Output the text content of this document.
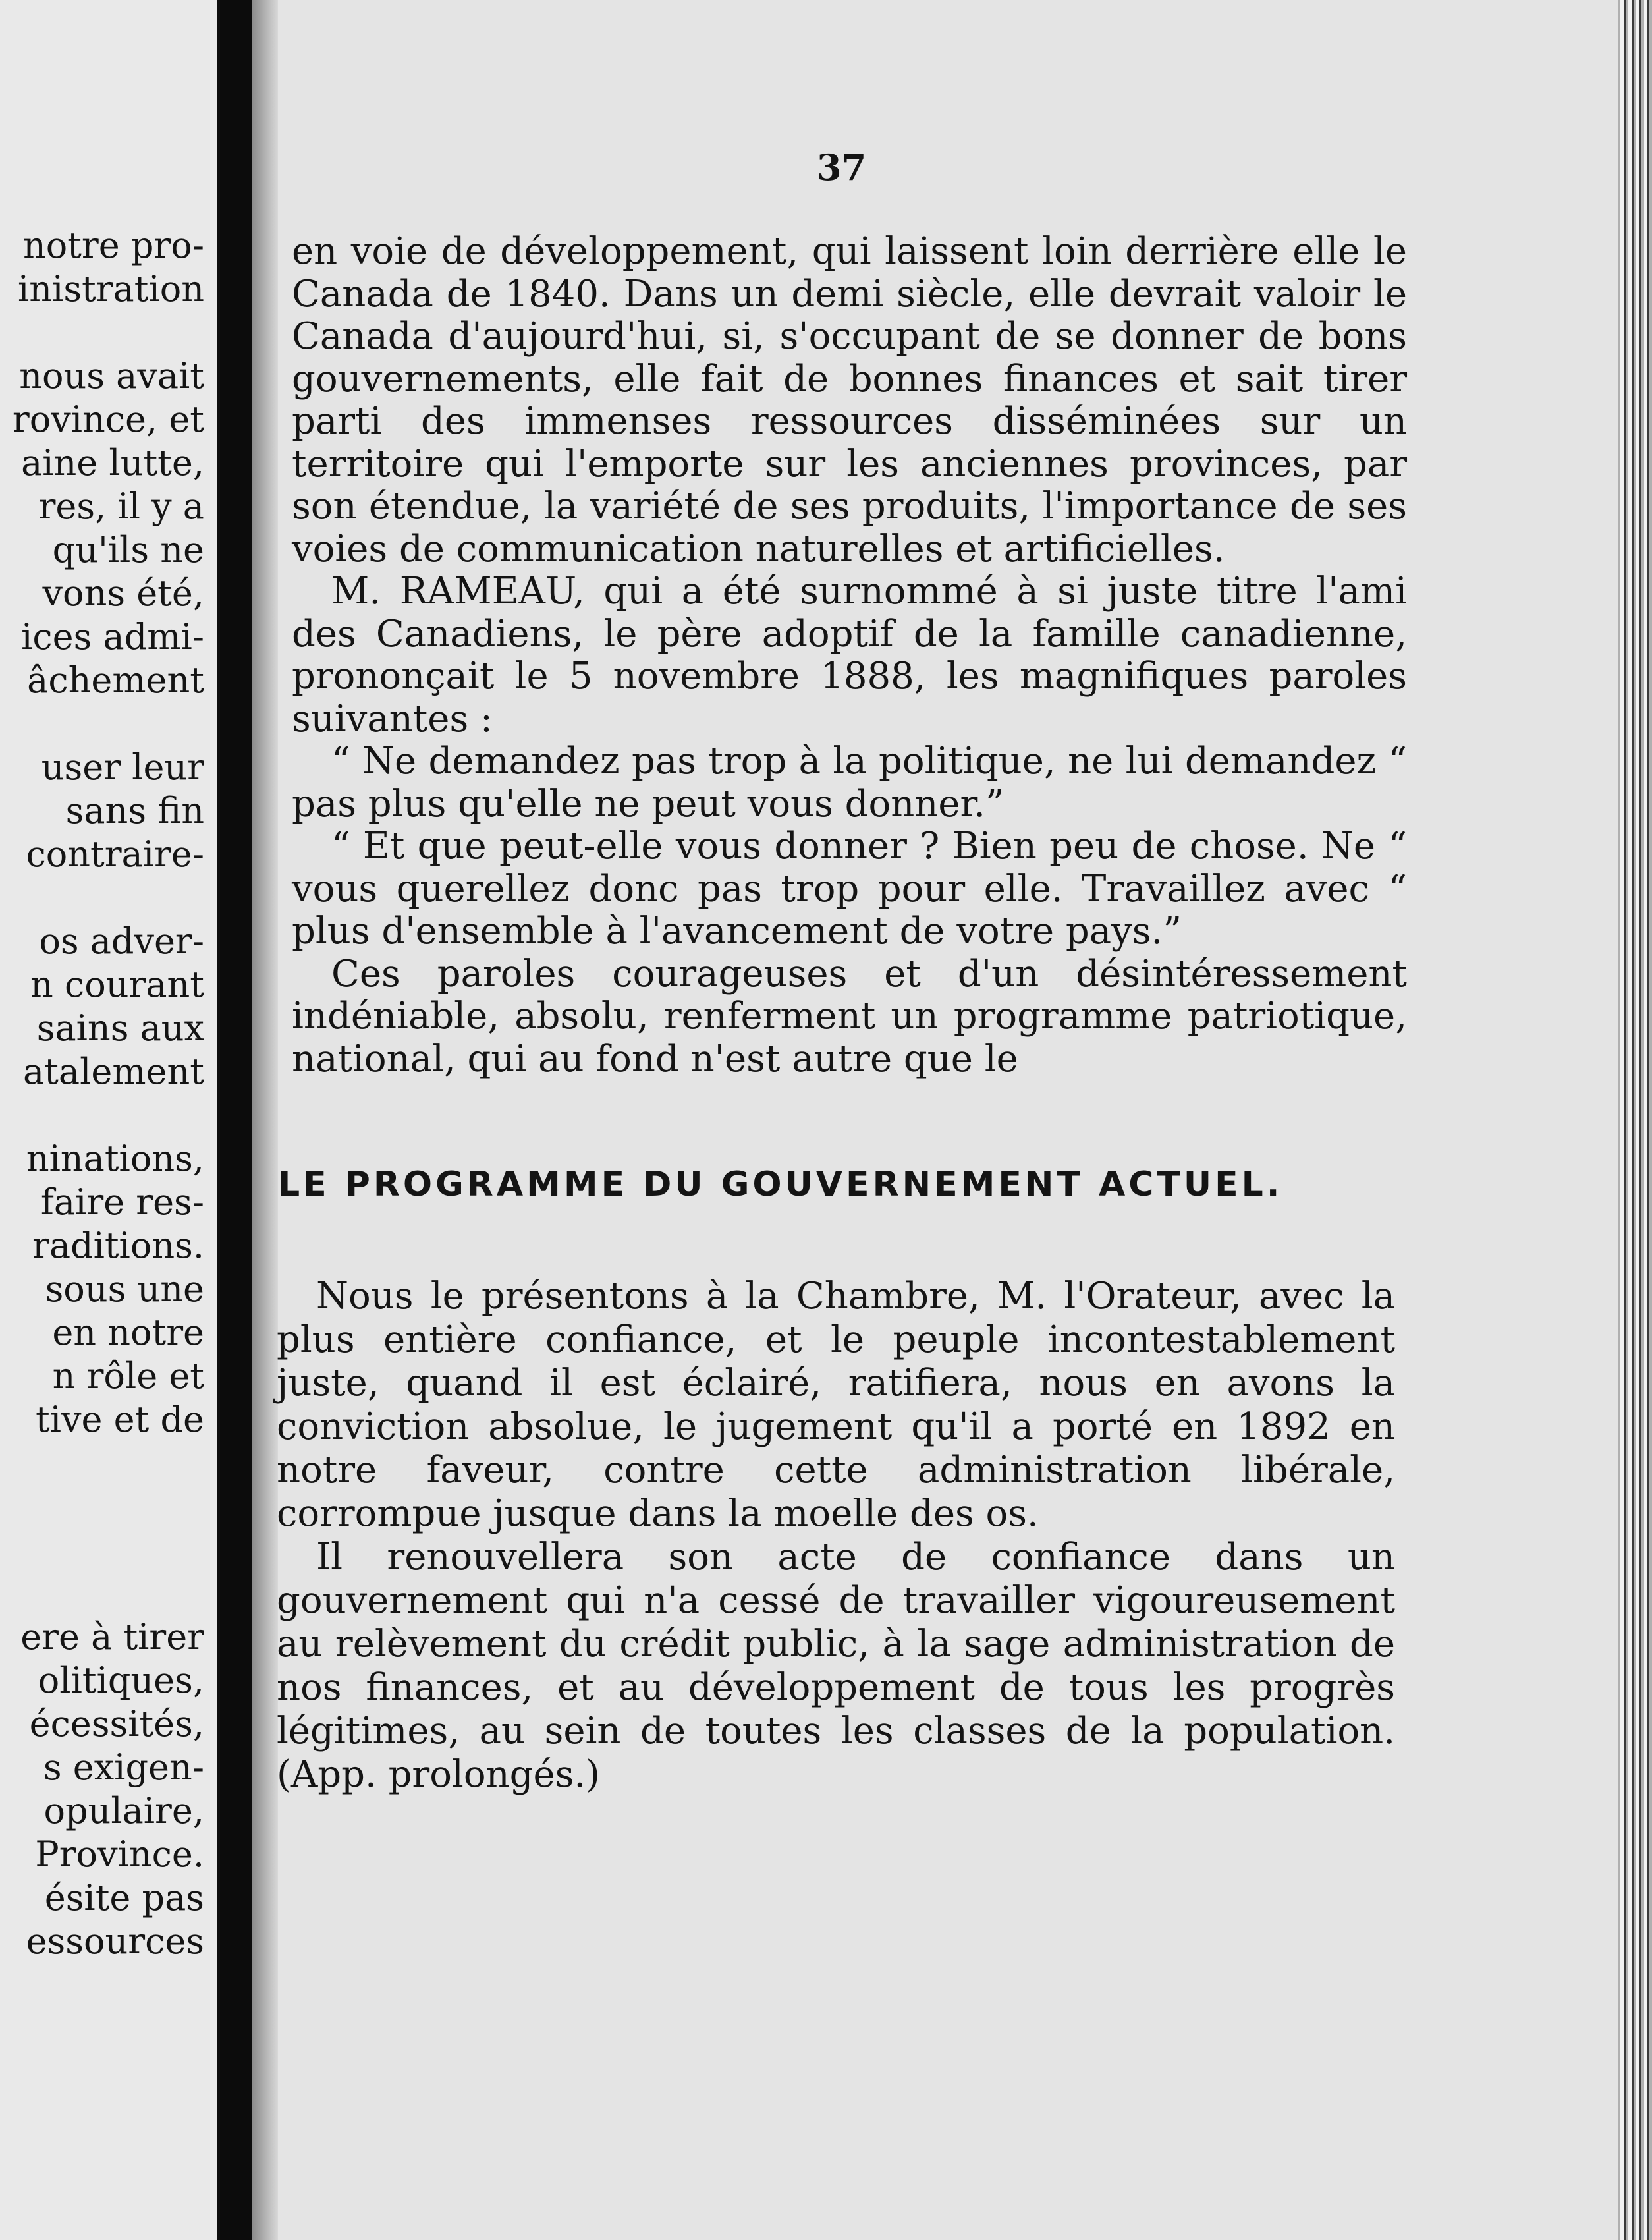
notre pro-
inistration
nous avait
rovince, et
aine lutte,
res, il y a
qu'ils ne
vons été,
ices admi-
âchement
user leur
sans fin
contraire-
os adver-
n courant
sains aux
atalement
ninations,
faire res-
raditions.
sous une
en notre
n rôle et
tive et de
ere à tirer
olitiques,
écessités,
s exigen-
opulaire,
Province.
ésite pas
essources
37

en voie de développement, qui laissent loin derrière elle le Canada de 1840. Dans un demi siècle, elle devrait valoir le Canada d'aujourd'hui, si, s'occupant de se donner de bons gouvernements, elle fait de bonnes finances et sait tirer parti des immenses ressources disséminées sur un territoire qui l'emporte sur les anciennes provinces, par son étendue, la variété de ses produits, l'importance de ses voies de communication naturelles et artificielles.

M. RAMEAU, qui a été surnommé à si juste titre l'ami des Canadiens, le père adoptif de la famille canadienne, prononçait le 5 novembre 1888, les magnifiques paroles suivantes :

“ Ne demandez pas trop à la politique, ne lui demandez “ pas plus qu'elle ne peut vous donner.”

“ Et que peut-elle vous donner ? Bien peu de chose. Ne “ vous querellez donc pas trop pour elle. Travaillez avec “ plus d'ensemble à l'avancement de votre pays.”

Ces paroles courageuses et d'un désintéressement indéniable, absolu, renferment un programme patriotique, national, qui au fond n'est autre que le

LE PROGRAMME DU GOUVERNEMENT ACTUEL.

Nous le présentons à la Chambre, M. l'Orateur, avec la plus entière confiance, et le peuple incontestablement juste, quand il est éclairé, ratifiera, nous en avons la conviction absolue, le jugement qu'il a porté en 1892 en notre faveur, contre cette administration libérale, corrompue jusque dans la moelle des os.

Il renouvellera son acte de confiance dans un gouvernement qui n'a cessé de travailler vigoureusement au relèvement du crédit public, à la sage administration de nos finances, et au développement de tous les progrès légitimes, au sein de toutes les classes de la population. (App. prolongés.)
